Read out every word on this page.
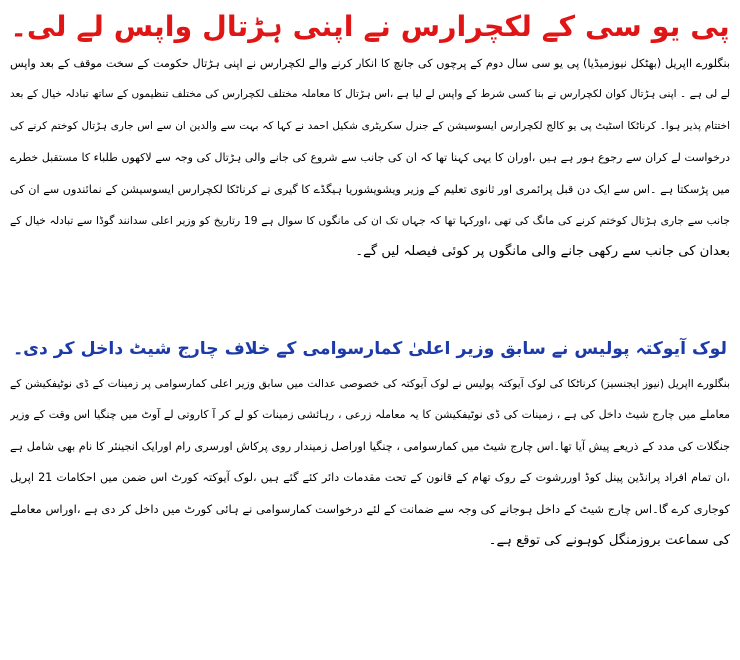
پی یو سی کے لکچرارس نے اپنی ہڑتال واپس لے لی۔
بنگلورے ااپریل (بھٹکل نیوزمیڈیا) پی یو سی سال دوم کے پرچوں کی جانچ کا انکار کرنے والے لکچرارس نے اپنی ہڑتال حکومت کے سخت موقف کے بعد واپس
لے لی ہے ۔ اپنی ہڑتال کوان لکچرارس نے بنا کسی شرط کے واپس لے لیا ہے ،اس ہڑتال کا معاملہ مختلف لکچرارس کی مختلف تنظیموں کے ساتھ تبادلہ خیال کے بعد
اختتام پذیر ہوا۔ کرناٹکا اسٹیٹ پی یو کالج لکچرارس ایسوسیشن کے جنرل سکریٹری شکیل احمد نے کہا کہ بہت سے والدین ان سے اس جاری ہڑتال کوختم کرنے کی
درخواست لے کران سے رجوع ہور ہے ہیں ،اوران کا یہی کہنا تھا کہ ان کی جانب سے شروع کی جانے والی ہڑتال کی وجہ سے لاکھوں طلباء کا مستقبل خطرے
میں پڑسکتا ہے ۔اس سے ایک دن قبل پرائمری اور ثانوی تعلیم کے وزیر ویشویشوریا ہیگڈے کا گیری نے کرناٹکا لکچرارس ایسوسیشن کے نمائندوں سے ان کی
جانب سے جاری ہڑتال کوختم کرنے کی مانگ کی تھی ،اورکہا تھا کہ جہاں تک ان کی مانگوں کا سوال ہے 19 رتاریخ کو وزیر اعلی سدانند گوڈا سے تبادلہ خیال کے
بعدان کی جانب سے رکھی جانے والی مانگوں پر کوئی فیصلہ لیں گے۔
لوک آیوکتہ پولیس نے سابق وزیر اعلیٰ کمارسوامی کے خلاف چارج شیٹ داخل کر دی۔
بنگلورے ااپریل (نیوز ایجنسیز) کرناٹکا کی لوک آیوکتہ پولیس نے لوک آیوکتہ کی خصوصی عدالت میں سابق وزیر اعلی کمارسوامی پر زمینات کے ڈی نوٹیفکیشن کے
معاملے میں چارج شیٹ داخل کی ہے ، زمینات کی ڈی نوٹیفکیشن کا یہ معاملہ زرعی ، رہائشی زمینات کو لے کر آ کاروتی لے آوٹ میں چنگیا اس وقت کے وزیر
جنگلات کی مدد کے ذریعے پیش آیا تھا۔اس چارج شیٹ میں کمارسوامی ، چنگیا اوراصل زمیندار روی پرکاش اورسری رام اورایک انجینئر کا نام بھی شامل ہے
،ان تمام افراد پرانڈین پینل کوڈ اوررشوت کے روک تھام کے قانون کے تحت مقدمات دائر کئے گئے ہیں ،لوک آیوکتہ کورٹ اس ضمن میں احکامات 21 اپریل
کوجاری کرے گا۔اس چارج شیٹ کے داخل ہوجانے کی وجہ سے ضمانت کے لئے درخواست کمارسوامی نے ہائی کورٹ میں داخل کر دی ہے ،اوراس معاملے
کی سماعت بروزمنگل کوہونے کی توقع ہے۔
